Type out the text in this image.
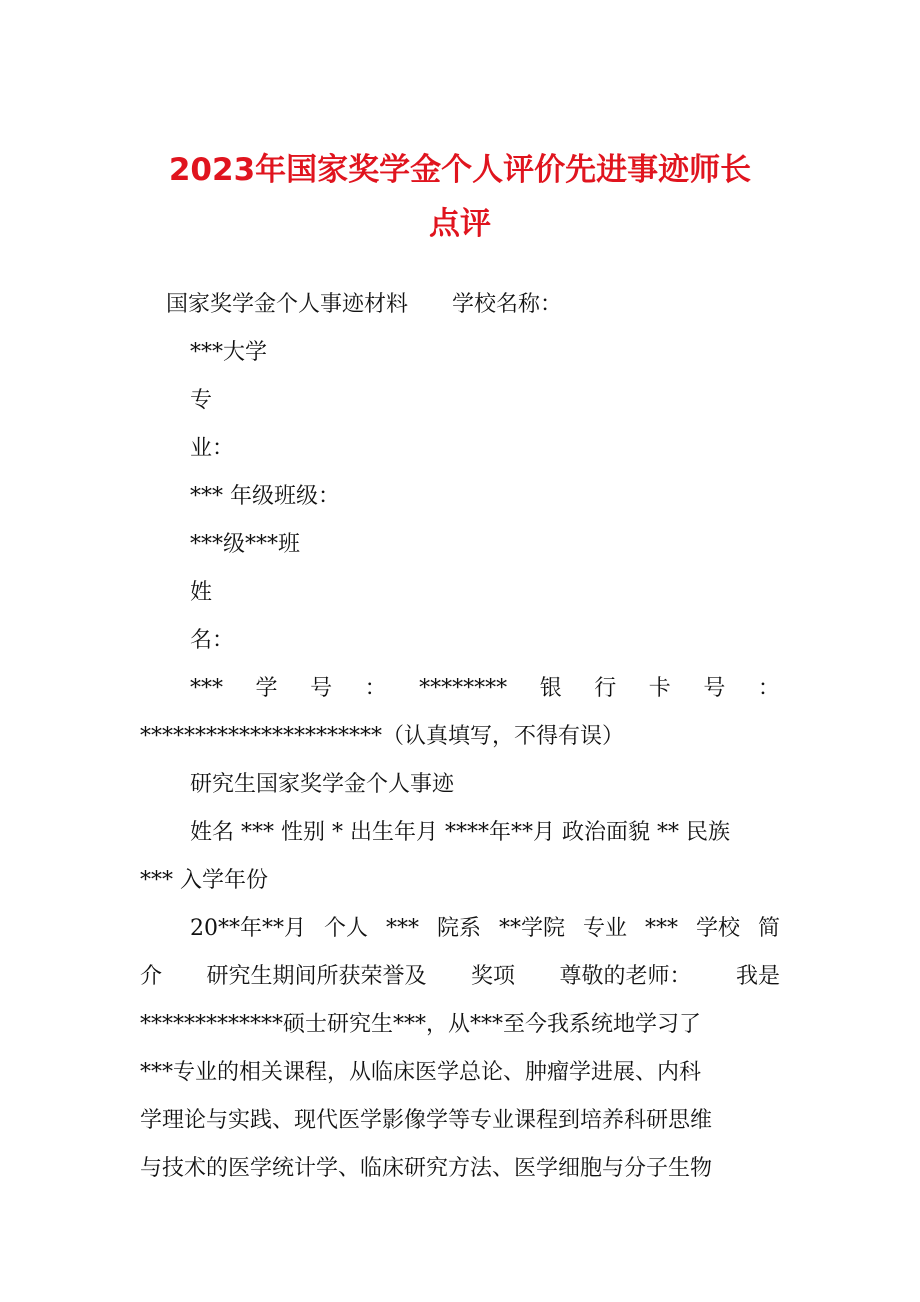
2023年国家奖学金个人评价先进事迹师长
点评
国家奖学金个人事迹材料　　学校名称：
***大学
专
业：
*** 年级班级：
***级***班
姓
名：
*** 学 号 ： ******** 银 行 卡 号 ：
**********************（认真填写，不得有误）
研究生国家奖学金个人事迹
姓名 *** 性别 * 出生年月 ****年**月 政治面貌 ** 民族
*** 入学年份
20**年**月 个人 *** 院系 **学院 专业 *** 学校 简
介 研究生期间所获荣誉及 奖项 尊敬的老师： 我是
*************硕士研究生***，从***至今我系统地学习了
***专业的相关课程，从临床医学总论、肿瘤学进展、内科
学理论与实践、现代医学影像学等专业课程到培养科研思维
与技术的医学统计学、临床研究方法、医学细胞与分子生物
